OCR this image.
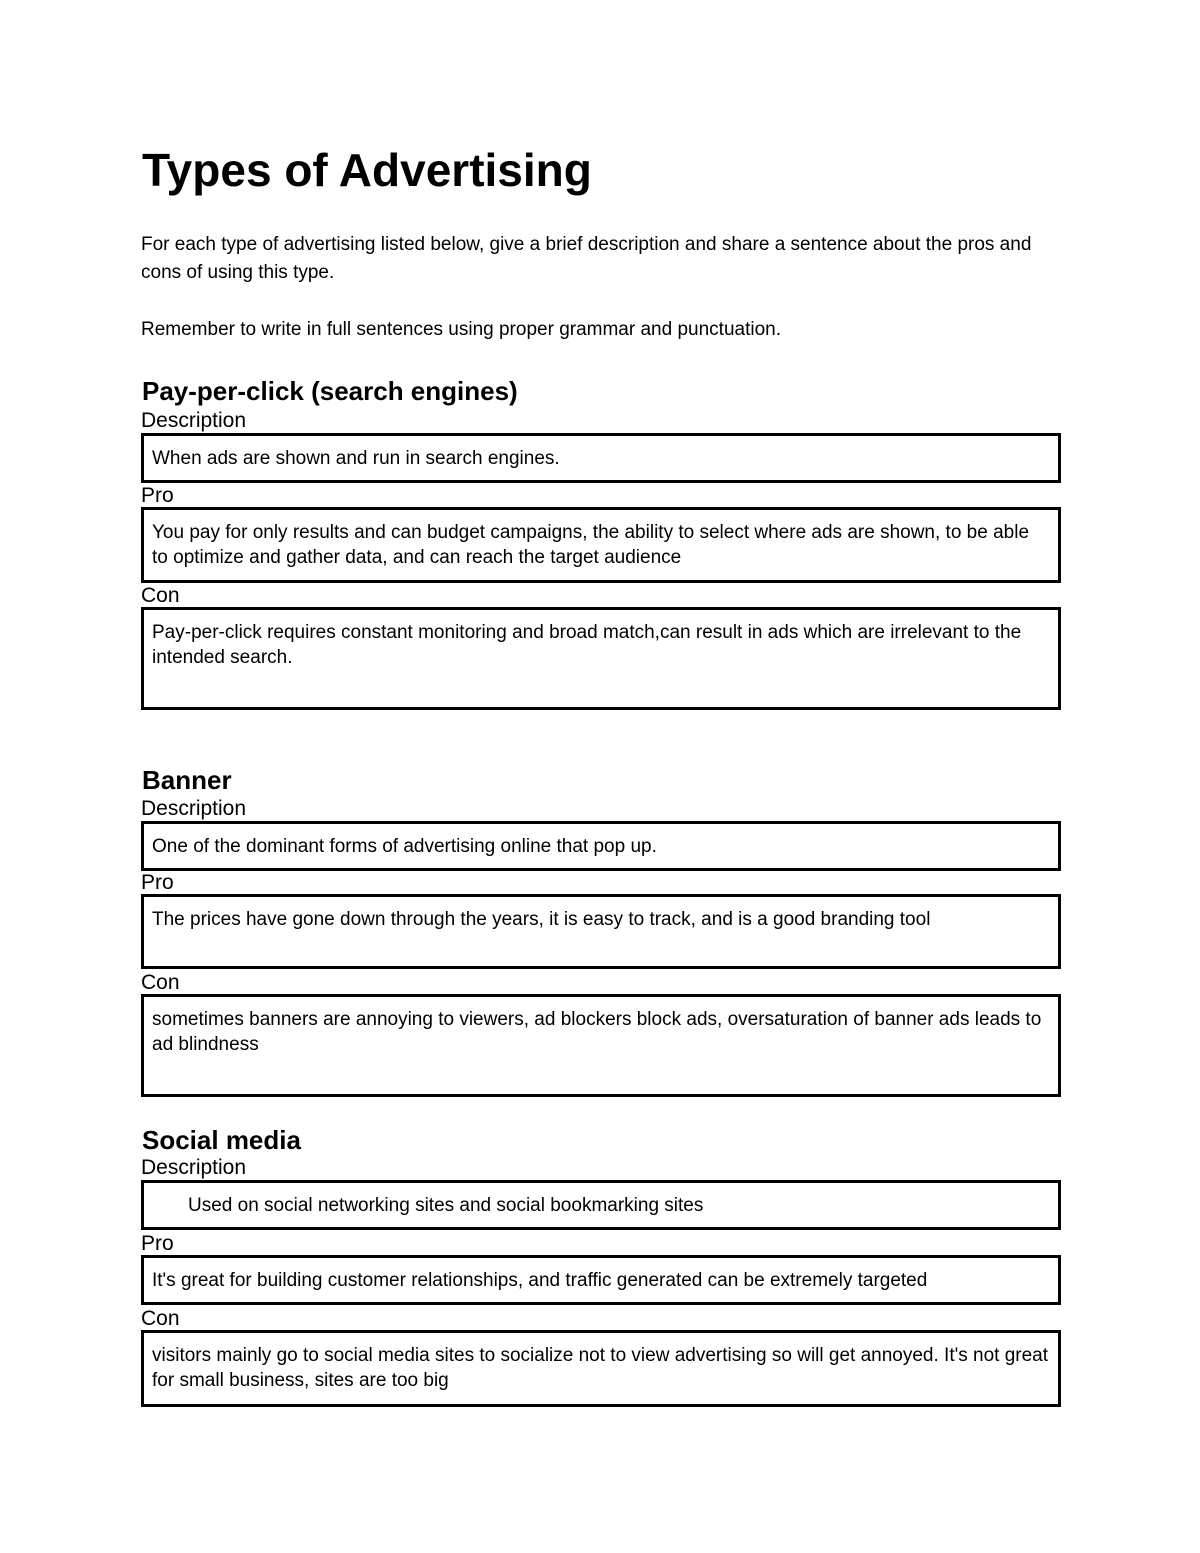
Types of Advertising

For each type of advertising listed below, give a brief description and share a sentence about the pros and cons of using this type.

Remember to write in full sentences using proper grammar and punctuation.

Pay-per-click (search engines)
Description
When ads are shown and run in search engines.
Pro
You pay for only results and can budget campaigns, the ability to select where ads are shown, to be able to optimize and gather data, and can reach the target audience
Con
Pay-per-click requires constant monitoring and broad match,can result in ads which are irrelevant to the intended search.
Banner
Description
One of the dominant forms of advertising online that pop up.
Pro
The prices have gone down through the years, it is easy to track, and is a good branding tool
Con
sometimes banners are annoying to viewers, ad blockers block ads, oversaturation of banner ads leads to ad blindness
Social media
Description
Used on social networking sites and social bookmarking sites
Pro
It's great for building customer relationships, and traffic generated can be extremely targeted
Con
visitors mainly go to social media sites to socialize not to view advertising so will get annoyed. It's not great for small business, sites are too big
